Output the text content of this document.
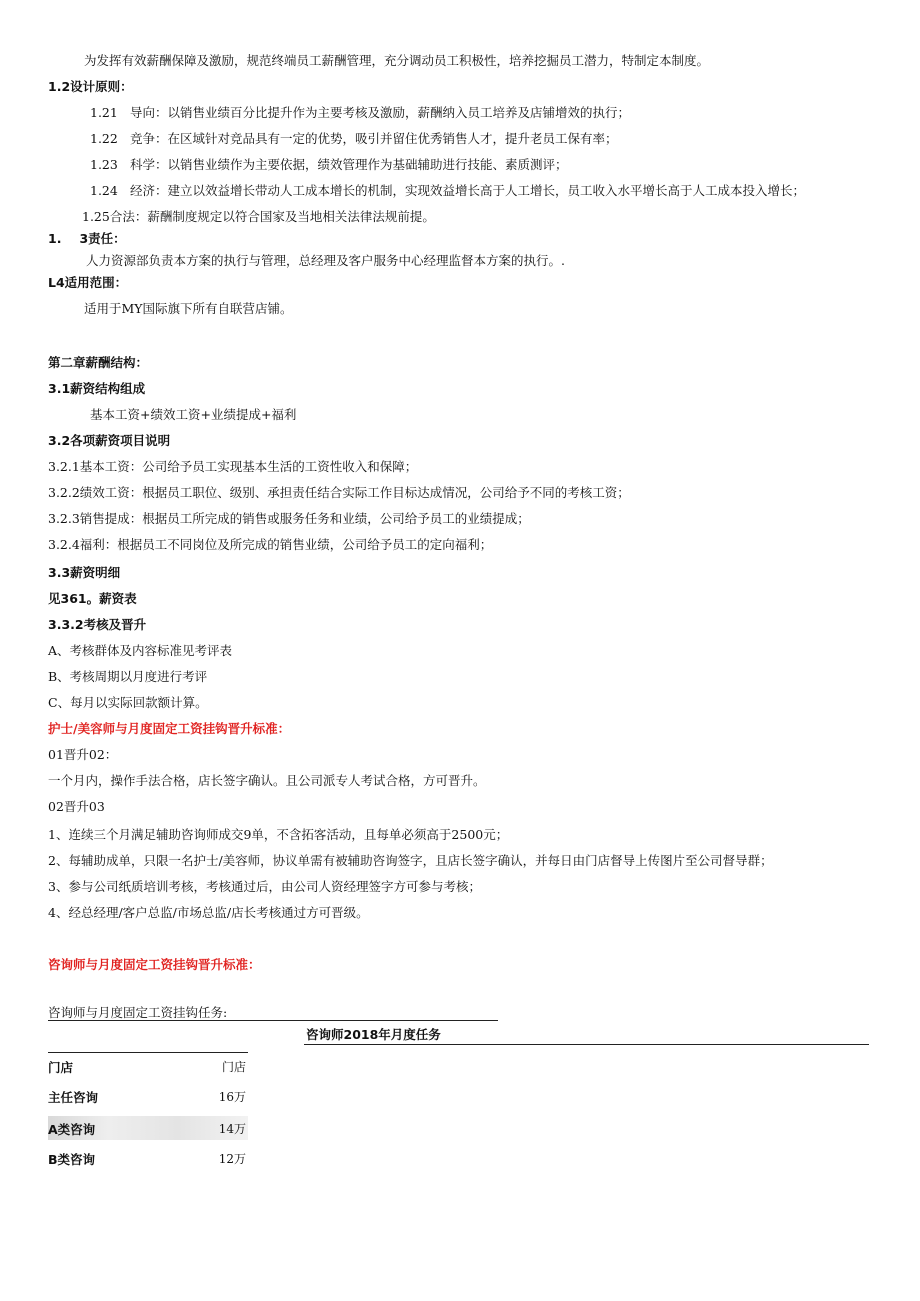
为发挥有效薪酬保障及激励，规范终端员工薪酬管理，充分调动员工积极性，培养挖掘员工潜力，特制定本制度。
1.2设计原则：
1.21 导向：以销售业绩百分比提升作为主要考核及激励，薪酬纳入员工培养及店铺增效的执行；
1.22 竞争：在区域针对竞品具有一定的优势，吸引并留住优秀销售人才，提升老员工保有率；
1.23 科学：以销售业绩作为主要依据，绩效管理作为基础辅助进行技能、素质测评；
1.24 经济：建立以效益增长带动人工成本增长的机制，实现效益增长高于人工增长，员工收入水平增长高于人工成本投入增长；
1.25合法：薪酬制度规定以符合国家及当地相关法律法规前提。
1. 3责任：
人力资源部负责本方案的执行与管理，总经理及客户服务中心经理监督本方案的执行。.
L4适用范围：
适用于MY国际旗下所有自联营店铺。
第二章薪酬结构：
3.1薪资结构组成
基本工资+绩效工资+业绩提成+福利
3.2各项薪资项目说明
3.2.1基本工资：公司给予员工实现基本生活的工资性收入和保障；
3.2.2绩效工资：根据员工职位、级别、承担责任结合实际工作目标达成情况，公司给予不同的考核工资；
3.2.3销售提成：根据员工所完成的销售或服务任务和业绩，公司给予员工的业绩提成；
3.2.4福利：根据员工不同岗位及所完成的销售业绩，公司给予员工的定向福利；
3.3薪资明细
见361。薪资表
3.3.2考核及晋升
A、考核群体及内容标准见考评表
B、考核周期以月度进行考评
C、每月以实际回款额计算。
护士/美容师与月度固定工资挂钩晋升标准：
01晋升02：
一个月内，操作手法合格，店长签字确认。且公司派专人考试合格，方可晋升。
02晋升03
1、连续三个月满足辅助咨询师成交9单，不含拓客活动，且每单必须高于2500元；
2、每辅助成单，只限一名护士/美容师，协议单需有被辅助咨询签字，且店长签字确认，并每日由门店督导上传图片至公司督导群；
3、参与公司纸质培训考核，考核通过后，由公司人资经理签字方可参与考核；
4、经总经理/客户总监/市场总监/店长考核通过方可晋级。
咨询师与月度固定工资挂钩晋升标准：
咨询师与月度固定工资挂钩任务:
咨询师2018年月度任务
门店	门店
主任咨询	16万
A类咨询	14万
B类咨询	12万
